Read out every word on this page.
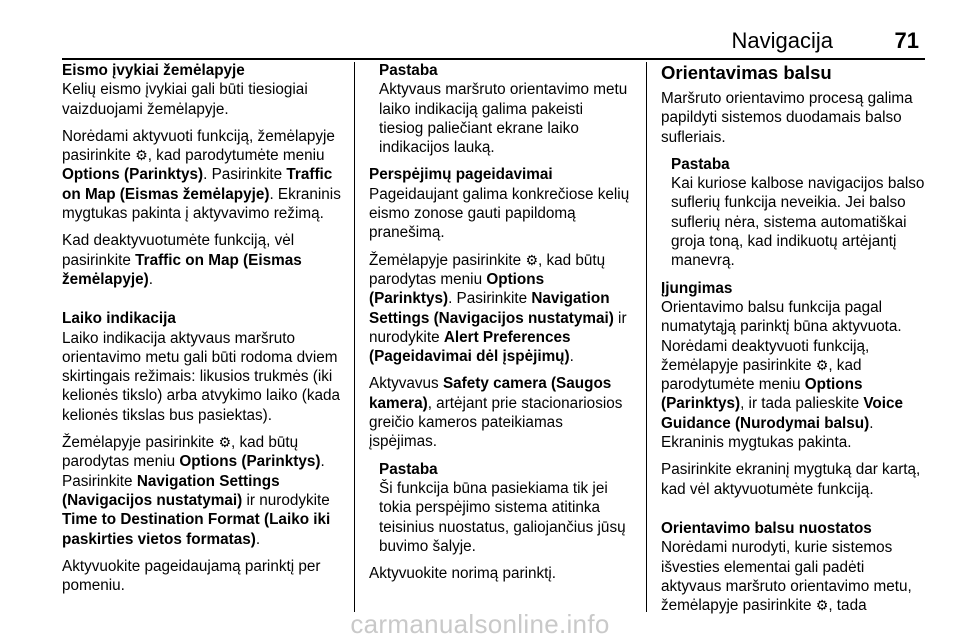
Navigacija	71
Eismo įvykiai žemėlapyje
Kelių eismo įvykiai gali būti tiesiogiai vaizduojami žemėlapyje.
Norėdami aktyvuoti funkciją, žemėlapyje pasirinkite ⚙, kad parodytumėte meniu Options (Parinktys). Pasirinkite Traffic on Map (Eismas žemėlapyje). Ekraninis mygtukas pakinta į aktyvavimo režimą.
Kad deaktyvuotumėte funkciją, vėl pasirinkite Traffic on Map (Eismas žemėlapyje).
Laiko indikacija
Laiko indikacija aktyvaus maršruto orientavimo metu gali būti rodoma dviem skirtingais režimais: likusios trukmės (iki kelionės tikslo) arba atvykimo laiko (kada kelionės tikslas bus pasiektas).
Žemėlapyje pasirinkite ⚙, kad būtų parodytas meniu Options (Parinktys). Pasirinkite Navigation Settings (Navigacijos nustatymai) ir nurodykite Time to Destination Format (Laiko iki paskirties vietos formatas).
Aktyvuokite pageidaujamą parinktį per pomeniu.
Pastaba
Aktyvaus maršruto orientavimo metu laiko indikaciją galima pakeisti tiesiog paliečiant ekrane laiko indikacijos lauką.
Perspėjimų pageidavimai
Pageidaujant galima konkrečiose kelių eismo zonose gauti papildomą pranešimą.
Žemėlapyje pasirinkite ⚙, kad būtų parodytas meniu Options (Parinktys). Pasirinkite Navigation Settings (Navigacijos nustatymai) ir nurodykite Alert Preferences (Pageidavimai dėl įspėjimų).
Aktyvavus Safety camera (Saugos kamera), artėjant prie stacionariosios greičio kameros pateikiamas įspėjimas.
Pastaba
Ši funkcija būna pasiekiama tik jei tokia perspėjimo sistema atitinka teisinius nuostatus, galiojančius jūsų buvimo šalyje.
Aktyvuokite norimą parinktį.
Orientavimas balsu
Maršruto orientavimo procesą galima papildyti sistemos duodamais balso sufleriais.
Pastaba
Kai kuriose kalbose navigacijos balso suflerių funkcija neveikia. Jei balso suflerių nėra, sistema automatiškai groja toną, kad indikuotų artėjantį manevrą.
Įjungimas
Orientavimo balsu funkcija pagal numatytąją parinktį būna aktyvuota. Norėdami deaktyvuoti funkciją, žemėlapyje pasirinkite ⚙, kad parodytumėte meniu Options (Parinktys), ir tada palieskite Voice Guidance (Nurodymai balsu). Ekraninis mygtukas pakinta.
Pasirinkite ekraninį mygtuką dar kartą, kad vėl aktyvuotumėte funkciją.
Orientavimo balsu nuostatos
Norėdami nurodyti, kurie sistemos išvesties elementai gali padėti aktyvaus maršruto orientavimo metu, žemėlapyje pasirinkite ⚙, tada
carmanualsonline.info
